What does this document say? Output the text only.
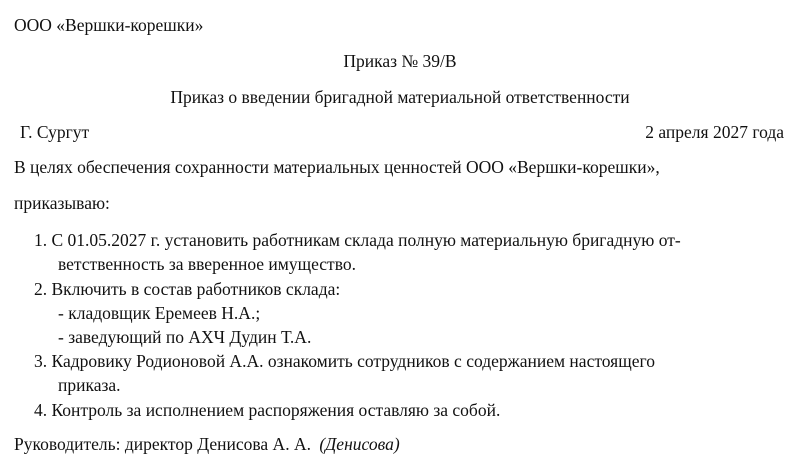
ООО «Вершки-корешки»
Приказ № 39/В
Приказ о введении бригадной материальной ответственности
Г. Сургут	2 апреля 2027 года
В целях обеспечения сохранности материальных ценностей ООО «Вершки-корешки»,
приказываю:
1. С 01.05.2027 г. установить работникам склада полную материальную бригадную от-
ветственность за вверенное имущество.
2. Включить в состав работников склада:
- кладовщик Еремеев Н.А.;
- заведующий по АХЧ Дудин Т.А.
3. Кадровику Родионовой А.А. ознакомить сотрудников с содержанием настоящего
приказа.
4. Контроль за исполнением распоряжения оставляю за собой.
Руководитель: директор Денисова А. А. (Денисова)
